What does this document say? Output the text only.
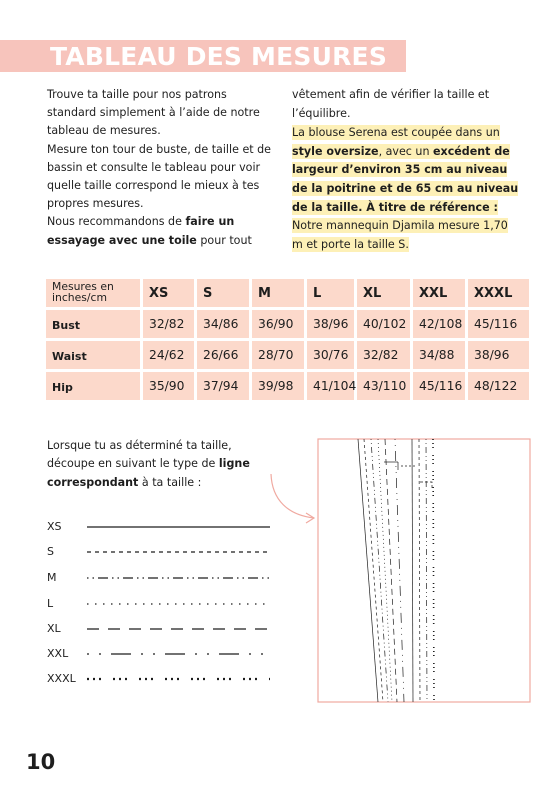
TABLEAU DES MESURES

Trouve ta taille pour nos patrons standard simplement à l’aide de notre tableau de mesures.

Mesure ton tour de buste, de taille et de bassin et consulte le tableau pour voir quelle taille correspond le mieux à tes propres mesures.

Nous recommandons de faire un essayage avec une toile pour tout

vêtement afin de vérifier la taille et l’équilibre.

La blouse Serena est coupée dans un style oversize, avec un excédent de largeur d’environ 35 cm au niveau de la poitrine et de 65 cm au niveau de la taille. À titre de référence : Notre mannequin Djamila mesure 1,70 m et porte la taille S.

Mesures en inches/cm	XS	S	M	L	XL	XXL XXXL
Bust	32/82 34/86 36/90 38/96 40/102 42/108 45/116
Waist	24/62 26/66 28/70 30/76 32/82 34/88 38/96
Hip	35/90 37/94 39/98 41/104 43/110 45/116 48/122

Lorsque tu as déterminé ta taille, découpe en suivant le type de ligne correspondant à ta taille :

XS
S
M
L
XL
XXL
XXXL
10
